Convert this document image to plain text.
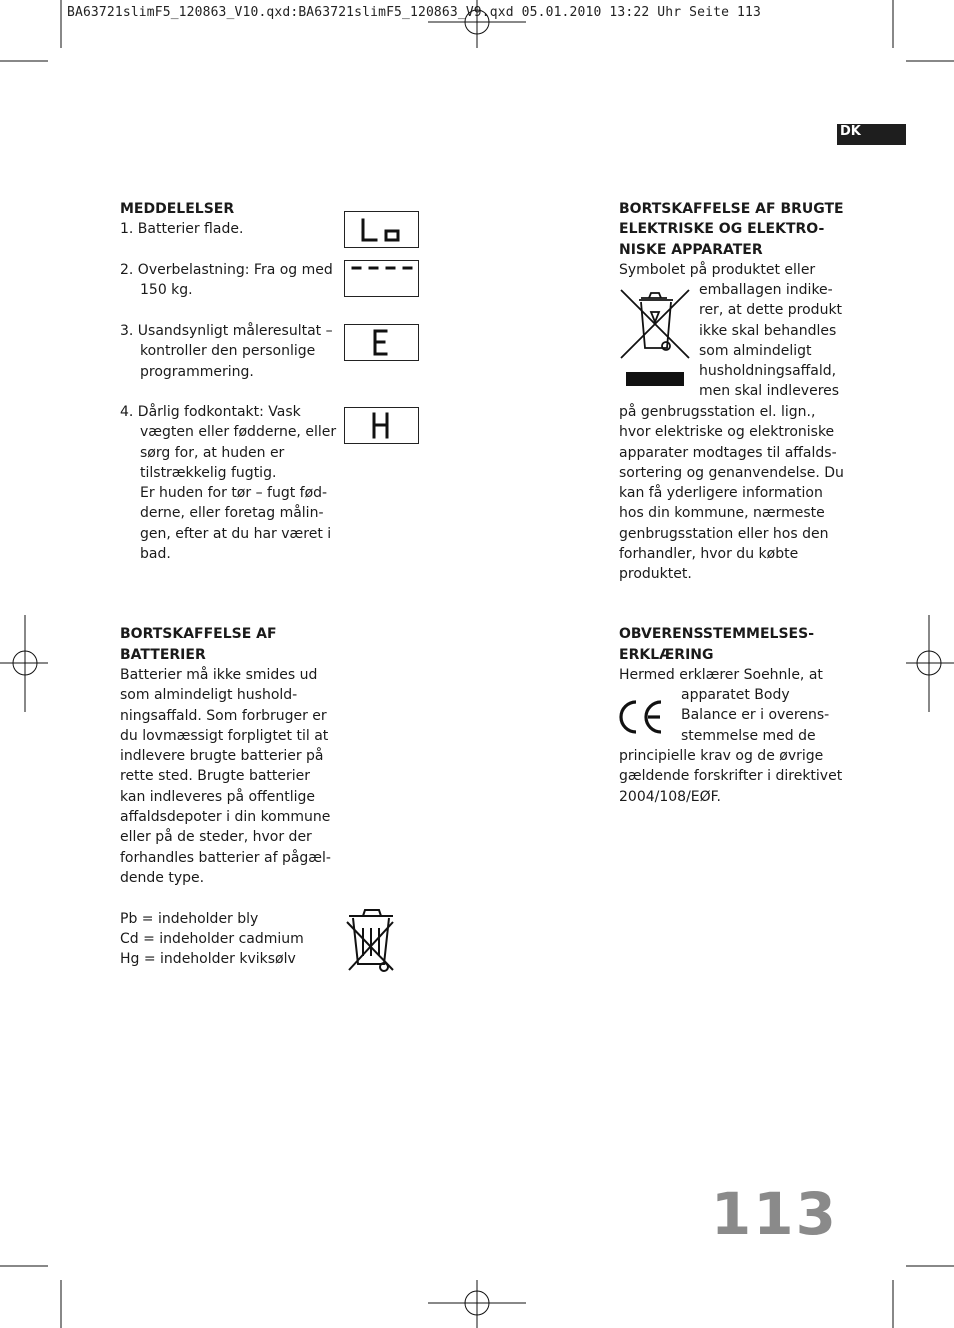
BA63721slimF5_120863_V10.qxd:BA63721slimF5_120863_V9.qxd 05.01.2010 13:22 Uhr Seite 113
DK
MEDDELELSER
1. Batterier flade.
2. Overbelastning: Fra og med 150 kg.
3. Usandsynligt måleresultat – kontroller den personlige programmering.
4. Dårlig fodkontakt: Vask vægten eller fødderne, eller sørg for, at huden er tilstrækkelig fugtig.
Er huden for tør – fugt fød-derne, eller foretag målin-gen, efter at du har været i bad.
BORTSKAFFELSE AF
BATTERIER
Batterier må ikke smides ud som almindeligt hushold-ningsaffald. Som forbruger er du lovmæssigt forpligtet til at indlevere brugte batterier på rette sted. Brugte batterier kan indleveres på offentlige affaldsdepoter i din kommune eller på de steder, hvor der forhandles batterier af pågæl-dende type.
Pb = indeholder bly
Cd = indeholder cadmium
Hg = indeholder kviksølv
BORTSKAFFELSE AF BRUGTE
ELEKTRISKE OG ELEKTRO-
NISKE APPARATER
Symbolet på produktet eller
emballagen indike-
rer, at dette produkt
ikke skal behandles
som almindeligt
husholdningsaffald,
men skal indleveres
på genbrugsstation el. lign., hvor elektriske og elektroniske apparater modtages til affalds-sortering og genanvendelse. Du kan få yderligere information hos din kommune, nærmeste genbrugsstation eller hos den forhandler, hvor du købte produktet.
OBVERENSSTEMMELSES-
ERKLÆRING
Hermed erklærer Soehnle, at
apparatet Body
Balance er i overens-
stemmelse med de
principielle krav og de øvrige gældende forskrifter i direktivet 2004/108/EØF.
113
